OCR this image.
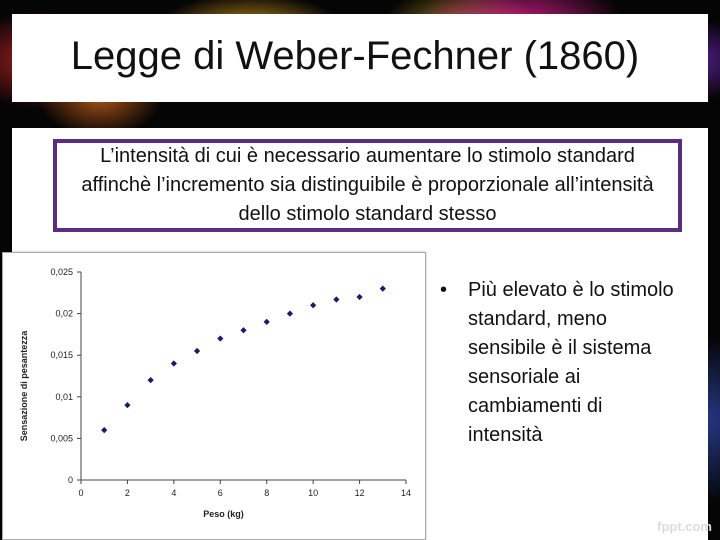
Legge di Weber-Fechner (1860)
L’intensità di cui è necessario aumentare lo stimolo standard affinchè l’incremento sia distinguibile è proporzionale all’intensità dello stimolo standard stesso
0
0,005
0,01
0,015
0,02
0,025
0	2	4	6	8	10	12	14
Peso (kg)
Sensazione di pesantezza
• Più elevato è lo stimolo standard, meno sensibile è il sistema sensoriale ai cambiamenti di intensità
fppt.com
